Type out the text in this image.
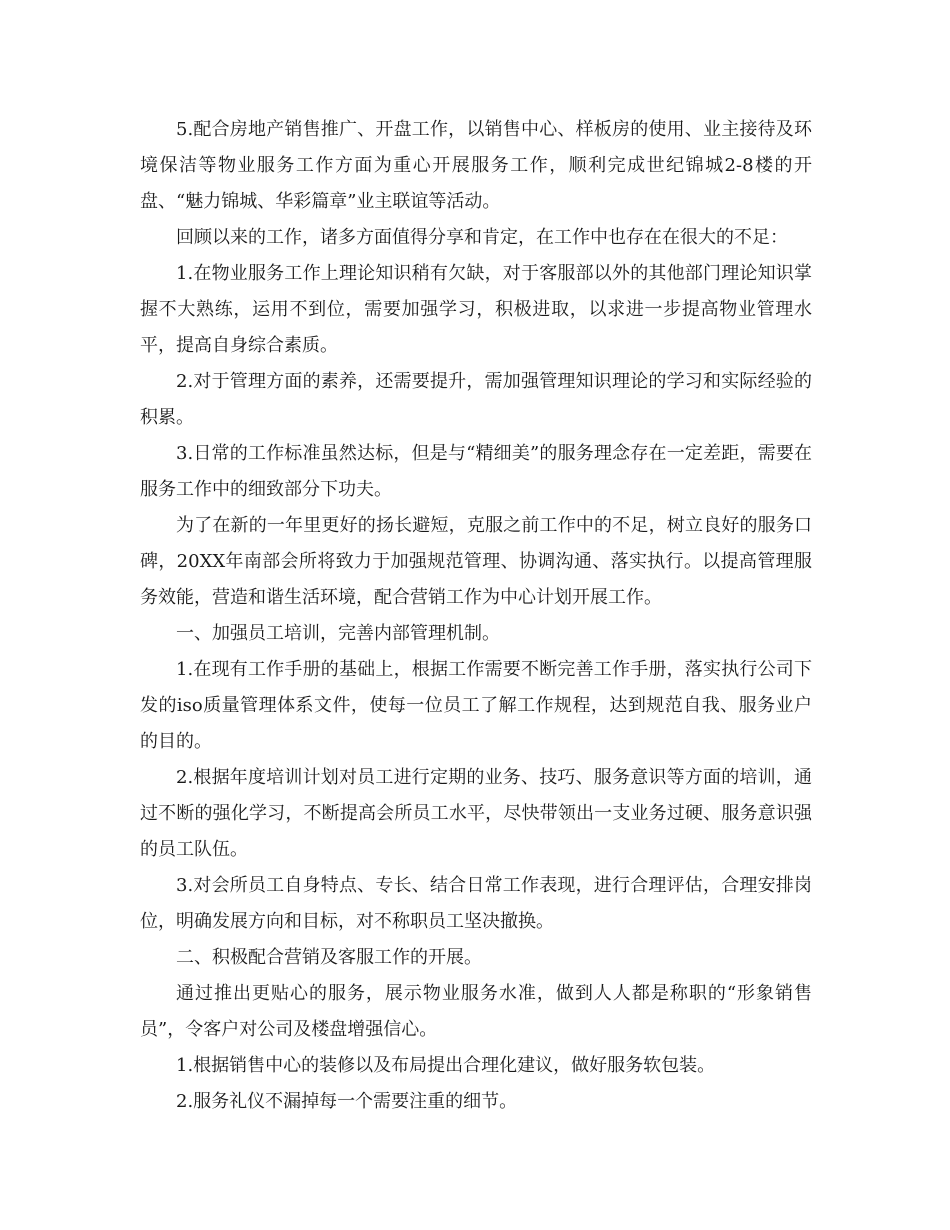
5.配合房地产销售推广、开盘工作，以销售中心、样板房的使用、业主接待及环境保洁等物业服务工作方面为重心开展服务工作，顺利完成世纪锦城2-8楼的开盘、“魅力锦城、华彩篇章”业主联谊等活动。

回顾以来的工作，诸多方面值得分享和肯定，在工作中也存在在很大的不足：

1.在物业服务工作上理论知识稍有欠缺，对于客服部以外的其他部门理论知识掌握不大熟练，运用不到位，需要加强学习，积极进取，以求进一步提高物业管理水平，提高自身综合素质。

2.对于管理方面的素养，还需要提升，需加强管理知识理论的学习和实际经验的积累。

3.日常的工作标准虽然达标，但是与“精细美”的服务理念存在一定差距，需要在服务工作中的细致部分下功夫。

为了在新的一年里更好的扬长避短，克服之前工作中的不足，树立良好的服务口碑，20XX年南部会所将致力于加强规范管理、协调沟通、落实执行。以提高管理服务效能，营造和谐生活环境，配合营销工作为中心计划开展工作。

一、加强员工培训，完善内部管理机制。

1.在现有工作手册的基础上，根据工作需要不断完善工作手册，落实执行公司下发的iso质量管理体系文件，使每一位员工了解工作规程，达到规范自我、服务业户的目的。

2.根据年度培训计划对员工进行定期的业务、技巧、服务意识等方面的培训，通过不断的强化学习，不断提高会所员工水平，尽快带领出一支业务过硬、服务意识强的员工队伍。

3.对会所员工自身特点、专长、结合日常工作表现，进行合理评估，合理安排岗位，明确发展方向和目标，对不称职员工坚决撤换。

二、积极配合营销及客服工作的开展。

通过推出更贴心的服务，展示物业服务水准，做到人人都是称职的“形象销售员”，令客户对公司及楼盘增强信心。

1.根据销售中心的装修以及布局提出合理化建议，做好服务软包装。

2.服务礼仪不漏掉每一个需要注重的细节。
